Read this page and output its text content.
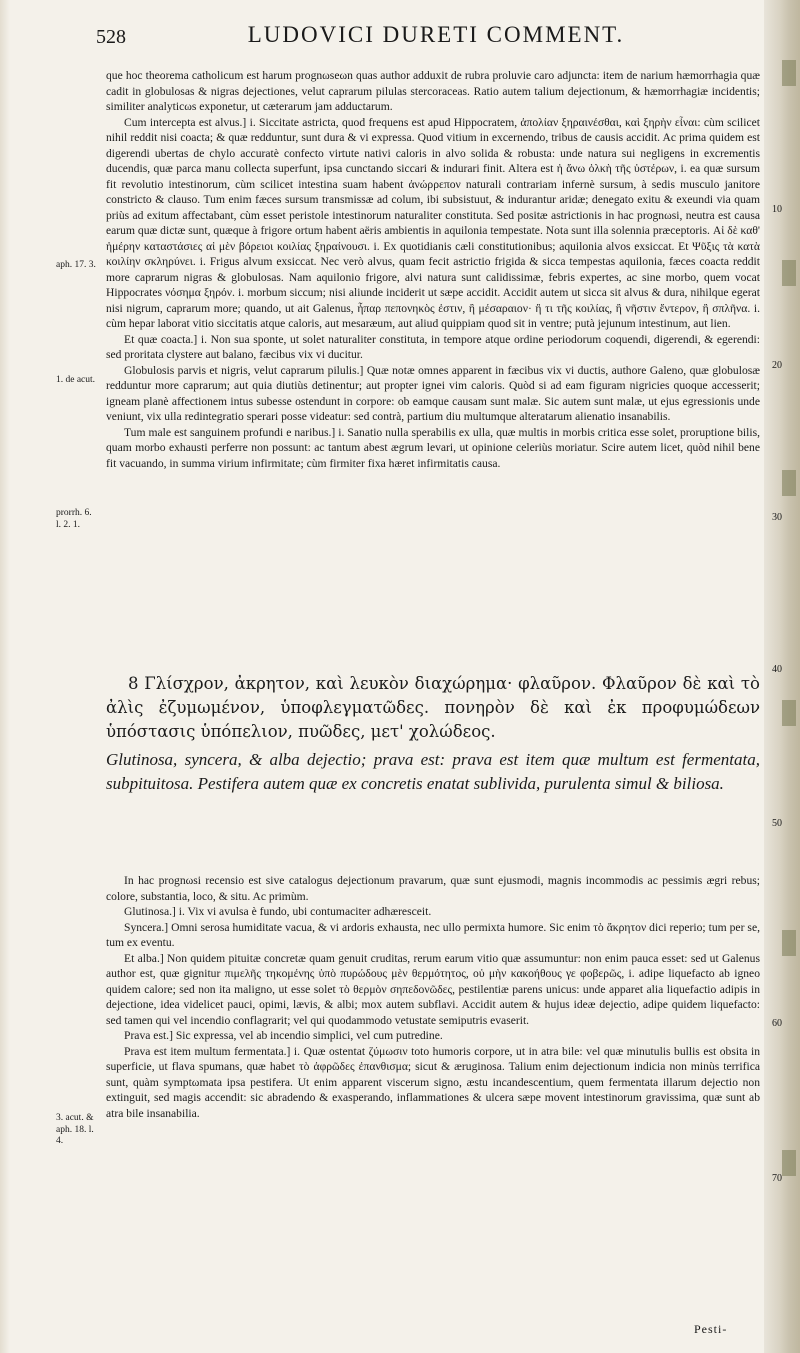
528	LUDOVICI DURETI COMMENT.
aph. 17. 3.
1. de acut.
prorrh. 6.
l. 2. 1.
3. acut. &
aph. 18. l. 4.
10
20
30
40
50
60
70

que hoc theorema catholicum est harum prognωseωn quas author adduxit de rubra proluvie caro adjuncta: item de narium hæmorrhagia quæ cadit in globulosas & nigras dejectiones, velut caprarum pilulas stercoraceas. Ratio autem talium dejectionum, & hæmorrhagiæ incidentis; similiter analyticωs exponetur, ut cæterarum jam adductarum.

Cum intercepta est alvus.] i. Siccitate astricta, quod frequens est apud Hippocratem, ἀπολίαν ξηραινέσθαι, καὶ ξηρὴν εἶναι: cùm scilicet nihil reddit nisi coacta; & quæ redduntur, sunt dura & vi expressa. Quod vitium in excernendo, tribus de causis accidit. Ac prima quidem est digerendi ubertas de chylo accuratè confecto virtute nativi caloris in alvo solida & robusta: unde natura sui negligens in excrementis ducendis, quæ parca manu collecta superfunt, ipsa cunctando siccari & indurari finit. Altera est ἡ ἄνω ὁλκὴ τῆς ὑστέρων, i. ea quæ sursum fit revolutio intestinorum, cùm scilicet intestina suam habent ἀνώρρεπον naturali contrariam infernè sursum, à sedis musculo janitore constricto & clauso. Tum enim fæces sursum transmissæ ad colum, ibi subsistuut, & indurantur aridæ; denegato exitu & exeundi via quam priùs ad exitum affectabant, cùm esset peristole intestinorum naturaliter constituta. Sed positæ astrictionis in hac prognωsi, neutra est causa earum quæ dictæ sunt, quæque à frigore ortum habent aëris ambientis in aquilonia tempestate. Nota sunt illa solennia præceptoris. Αἱ δὲ καθ' ἡμέρην καταστάσιες αἱ μὲν βόρειοι κοιλίας ξηραίνουσι. i. Ex quotidianis cæli constitutionibus; aquilonia alvos exsiccat. Et Ψῦξις τὰ κατὰ κοιλίην σκληρύνει. i. Frigus alvum exsiccat. Nec verò alvus, quam fecit astrictio frigida & sicca tempestas aquilonia, fæces coacta reddit more caprarum nigras & globulosas. Nam aquilonio frigore, alvi natura sunt calidissimæ, febris expertes, ac sine morbo, quem vocat Hippocrates νόσημα ξηρόν. i. morbum siccum; nisi aliunde inciderit ut sæpe accidit. Accidit autem ut sicca sit alvus & dura, nihilque egerat nisi nigrum, caprarum more; quando, ut ait Galenus, ἧπαρ πεπονηκὸς ἐστιν, ἢ μέσαραιον· ἢ τι τῆς κοιλίας, ἢ νῆστιν ἔντερον, ἢ σπλῆνα. i. cùm hepar laborat vitio siccitatis atque caloris, aut mesaræum, aut aliud quippiam quod sit in ventre; putà jejunum intestinum, aut lien.

Et quæ coacta.] i. Non sua sponte, ut solet naturaliter constituta, in tempore atque ordine periodorum coquendi, digerendi, & egerendi: sed proritata clystere aut balano, fæcibus vix vi ducitur.

Globulosis parvis et nigris, velut caprarum pilulis.] Quæ notæ omnes apparent in fæcibus vix vi ductis, authore Galeno, quæ globulosæ redduntur more caprarum; aut quia diutiùs detinentur; aut propter ignei vim caloris. Quòd si ad eam figuram nigricies quoque accesserit; igneam planè affectionem intus subesse ostendunt in corpore: ob eamque causam sunt malæ. Sic autem sunt malæ, ut ejus egressionis unde veniunt, vix ulla redintegratio sperari posse videatur: sed contrà, partium diu multumque alteratarum alienatio insanabilis.

Tum male est sanguinem profundi e naribus.] i. Sanatio nulla sperabilis ex ulla, quæ multis in morbis critica esse solet, proruptione bilis, quam morbo exhausti perferre non possunt: ac tantum abest ægrum levari, ut opinione celeriùs moriatur. Scire autem licet, quòd nihil bene fit vacuando, in summa virium infirmitate; cùm firmiter fixa hæret infirmitatis causa.

8 Γλίσχρον, ἀκρητον, καὶ λευκὸν διαχώρημα· φλαῦρον. Φλαῦρον δὲ καὶ τὸ ἀλὶς ἐζυμωμένον, ὑποφλεγματῶδες. πονηρὸν δὲ καὶ ἐκ προφυμώδεων ὑπόστασις ὑπόπελιον, πυῶδες, μετ' χολώδεος.

Glutinosa, syncera, & alba dejectio; prava est: prava est item quæ multum est fermentata, subpituitosa. Pestifera autem quæ ex concretis enatat sublivida, purulenta simul & biliosa.

In hac prognωsi recensio est sive catalogus dejectionum pravarum, quæ sunt ejusmodi, magnis incommodis ac pessimis ægri rebus; colore, substantia, loco, & situ. Ac primùm.

Glutinosa.] i. Vix vi avulsa è fundo, ubi contumaciter adhæresceit.

Syncera.] Omni serosa humiditate vacua, & vi ardoris exhausta, nec ullo permixta humore. Sic enim τὸ ἄκρητον dici reperio; tum per se, tum ex eventu.

Et alba.] Non quidem pituitæ concretæ quam genuit cruditas, rerum earum vitio quæ assumuntur: non enim pauca esset: sed ut Galenus author est, quæ gignitur πιμελῆς τηκομένης ὑπὸ πυρώδους μὲν θερμότητος, οὐ μὴν κακοήθους γε φοβερῶς, i. adipe liquefacto ab igneo quidem calore; sed non ita maligno, ut esse solet τὸ θερμὸν σηπεδονῶδες, pestilentiæ parens unicus: unde apparet alia liquefactio adipis in dejectione, idea videlicet pauci, opimi, lævis, & albi; mox autem subflavi. Accidit autem & hujus ideæ dejectio, adipe quidem liquefacto: sed tamen qui vel incendio conflagrarit; vel qui quodammodo vetustate semiputris evaserit.

Prava est.] Sic expressa, vel ab incendio simplici, vel cum putredine.

Prava est item multum fermentata.] i. Quæ ostentat ζύμωσιν toto humoris corpore, ut in atra bile: vel quæ minutulis bullis est obsita in superficie, ut flava spumans, quæ habet τὸ ἀφρῶδες ἐπανθισμα; sicut & æruginosa. Talium enim dejectionum indicia non minùs terrifica sunt, quàm symptωmata ipsa pestifera. Ut enim apparent viscerum signo, æstu incandescentium, quem fermentata illarum dejectio non extinguit, sed magis accendit: sic abradendo & exasperando, inflammationes & ulcera sæpe movent intestinorum gravissima, quæ sunt ab atra bile insanabilia.

Pesti-
